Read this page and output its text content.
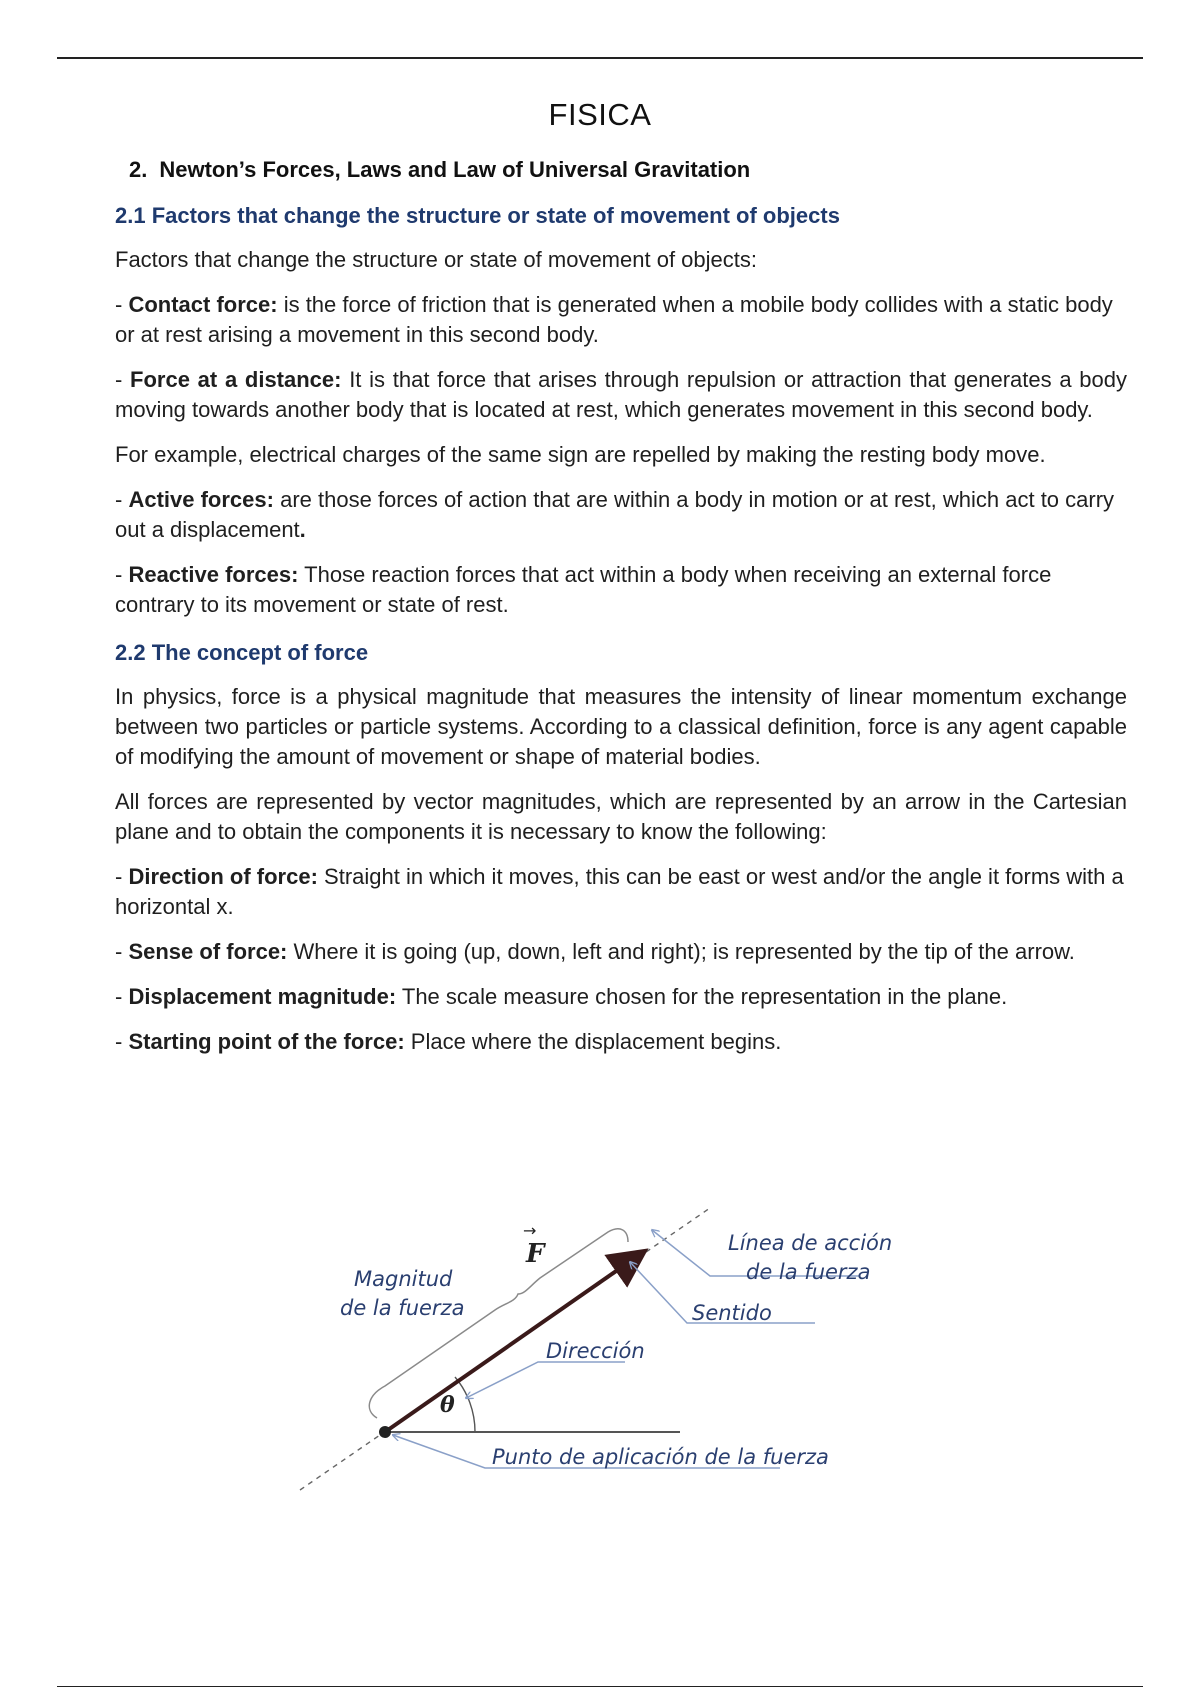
FISICA
2. Newton’s Forces, Laws and Law of Universal Gravitation
2.1 Factors that change the structure or state of movement of objects

Factors that change the structure or state of movement of objects:

- Contact force: is the force of friction that is generated when a mobile body collides with a static body or at rest arising a movement in this second body.

- Force at a distance: It is that force that arises through repulsion or attraction that generates a body moving towards another body that is located at rest, which generates movement in this second body.

For example, electrical charges of the same sign are repelled by making the resting body move.

- Active forces: are those forces of action that are within a body in motion or at rest, which act to carry out a displacement.

- Reactive forces: Those reaction forces that act within a body when receiving an external force contrary to its movement or state of rest.

2.2 The concept of force

In physics, force is a physical magnitude that measures the intensity of linear momentum exchange between two particles or particle systems. According to a classical definition, force is any agent capable of modifying the amount of movement or shape of material bodies.

All forces are represented by vector magnitudes, which are represented by an arrow in the Cartesian plane and to obtain the components it is necessary to know the following:

- Direction of force: Straight in which it moves, this can be east or west and/or the angle it forms with a horizontal x.

- Sense of force: Where it is going (up, down, left and right); is represented by the tip of the arrow.

- Displacement magnitude: The scale measure chosen for the representation in the plane.

- Starting point of the force: Place where the displacement begins.

F
→
θ
Magnitud
de la fuerza
Línea de acción
de la fuerza
Sentido
Dirección
Punto de aplicación de la fuerza
